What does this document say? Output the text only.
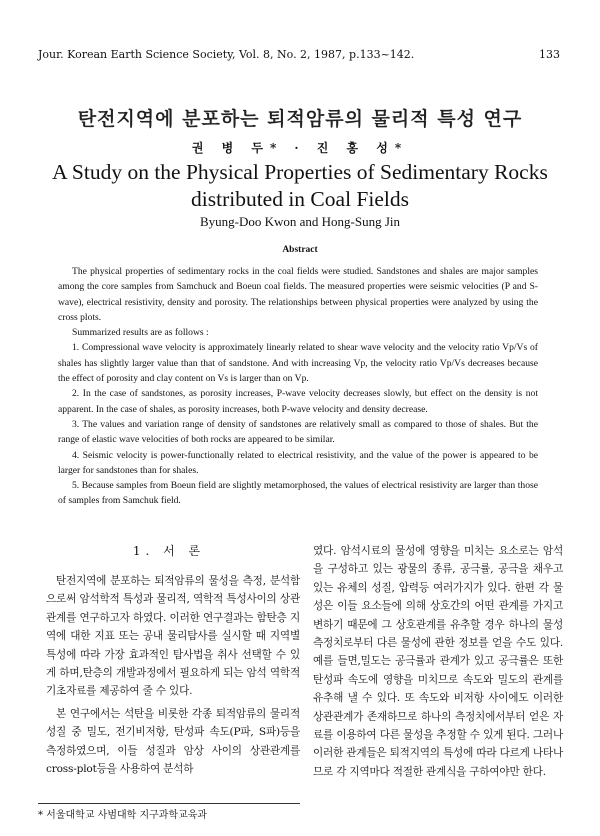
Jour. Korean Earth Science Society, Vol. 8, No. 2, 1987, p.133~142.	133
탄전지역에 분포하는 퇴적암류의 물리적 특성 연구
권 병 두* · 진 홍 성*
A Study on the Physical Properties of Sedimentary Rocks
distributed in Coal Fields
Byung-Doo Kwon and Hong-Sung Jin
Abstract

The physical properties of sedimentary rocks in the coal fields were studied. Sandstones and shales are major samples among the core samples from Samchuck and Boeun coal fields. The measured properties were seismic velocities (P and S-wave), electrical resistivity, density and porosity. The relationships between physical properties were analyzed by using the cross plots.

Summarized results are as follows :

1. Compressional wave velocity is approximately linearly related to shear wave velocity and the velocity ratio Vp/Vs of shales has slightly larger value than that of sandstone. And with increasing Vp, the velocity ratio Vp/Vs decreases because the effect of porosity and clay content on Vs is larger than on Vp.

2. In the case of sandstones, as porosity increases, P-wave velocity decreases slowly, but effect on the density is not apparent. In the case of shales, as porosity increases, both P-wave velocity and density decrease.

3. The values and variation range of density of sandstones are relatively small as compared to those of shales. But the range of elastic wave velocities of both rocks are appeared to be similar.

4. Seismic velocity is power-functionally related to electrical resistivity, and the value of the power is appeared to be larger for sandstones than for shales.

5. Because samples from Boeun field are slightly metamorphosed, the values of electrical resistivity are larger than those of samples from Samchuk field.

1. 서 론

탄전지역에 분포하는 퇴적암류의 물성을 측정, 분석함으로써 암석학적 특성과 물리적, 역학적 특성사이의 상관관계를 연구하고자 하였다. 이러한 연구결과는 함탄층 지역에 대한 지표 또는 공내 물리탐사를 실시할 때 지역별 특성에 따라 가장 효과적인 탐사법을 취사 선택할 수 있게 하며,탄층의 개발과정에서 필요하게 되는 암석 역학적 기초자료를 제공하여 줄 수 있다.

본 연구에서는 석탄을 비롯한 각종 퇴적암류의 물리적 성질 중 밀도, 전기비저항, 탄성파 속도(P파, S파)등을 측정하였으며, 이들 성질과 암상 사이의 상관관계를 cross-plot등을 사용하여 분석하

였다. 암석시료의 물성에 영향을 미치는 요소로는 암석을 구성하고 있는 광물의 종류, 공극률, 공극을 채우고 있는 유체의 성질, 압력등 여러가지가 있다. 한편 각 물성은 이들 요소들에 의해 상호간의 어떤 관계를 가지고 변하기 때문에 그 상호관계를 유추할 경우 하나의 물성 측정치로부터 다른 물성에 관한 정보를 얻을 수도 있다. 예를 들면,밀도는 공극률과 관계가 있고 공극률은 또한 탄성파 속도에 영향을 미치므로 속도와 밀도의 관계를 유추해 낼 수 있다. 또 속도와 비저항 사이에도 이러한 상관관계가 존재하므로 하나의 측정치에서부터 얻은 자료를 이용하여 다른 물성을 추정할 수 있게 된다. 그러나 이러한 관계들은 퇴적지역의 특성에 따라 다르게 나타나므로 각 지역마다 적절한 관계식을 구하여야만 한다.

* 서울대학교 사범대학 지구과학교육과
